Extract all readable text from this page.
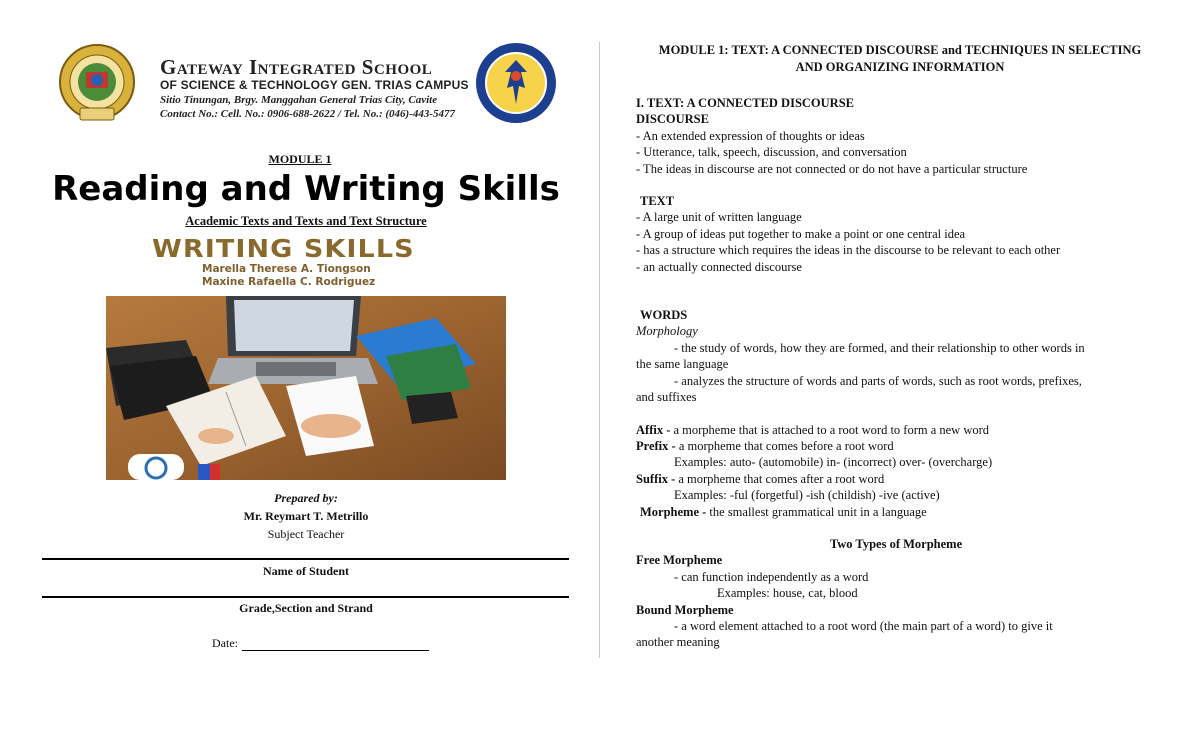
Gateway Integrated School
OF SCIENCE & TECHNOLOGY GEN. TRIAS CAMPUS
Sitio Tinungan, Brgy. Manggahan General Trias City, Cavite
Contact No.: Cell. No.: 0906-688-2622 / Tel. No.: (046)-443-5477
MODULE 1
Reading and Writing Skills
Academic Texts and Texts and Text Structure
WRITING SKILLS
Marella Therese A. Tiongson
Maxine Rafaella C. Rodriguez
Prepared by:
Mr. Reymart T. Metrillo
Subject Teacher
Name of Student
Grade,Section and Strand
Date:
MODULE 1: TEXT: A CONNECTED DISCOURSE and TECHNIQUES IN SELECTING
AND ORGANIZING INFORMATION
I. TEXT: A CONNECTED DISCOURSE
DISCOURSE
- An extended expression of thoughts or ideas
- Utterance, talk, speech, discussion, and conversation
- The ideas in discourse are not connected or do not have a particular structure
TEXT
- A large unit of written language
- A group of ideas put together to make a point or one central idea
- has a structure which requires the ideas in the discourse to be relevant to each other
- an actually connected discourse
WORDS
Morphology
- the study of words, how they are formed, and their relationship to other words in
the same language
- analyzes the structure of words and parts of words, such as root words, prefixes,
and suffixes
Affix - a morpheme that is attached to a root word to form a new word
Prefix - a morpheme that comes before a root word
Examples: auto- (automobile) in- (incorrect) over- (overcharge)
Suffix - a morpheme that comes after a root word
Examples: -ful (forgetful) -ish (childish) -ive (active)
Morpheme - the smallest grammatical unit in a language
Two Types of Morpheme
Free Morpheme
- can function independently as a word
Examples: house, cat, blood
Bound Morpheme
- a word element attached to a root word (the main part of a word) to give it
another meaning
